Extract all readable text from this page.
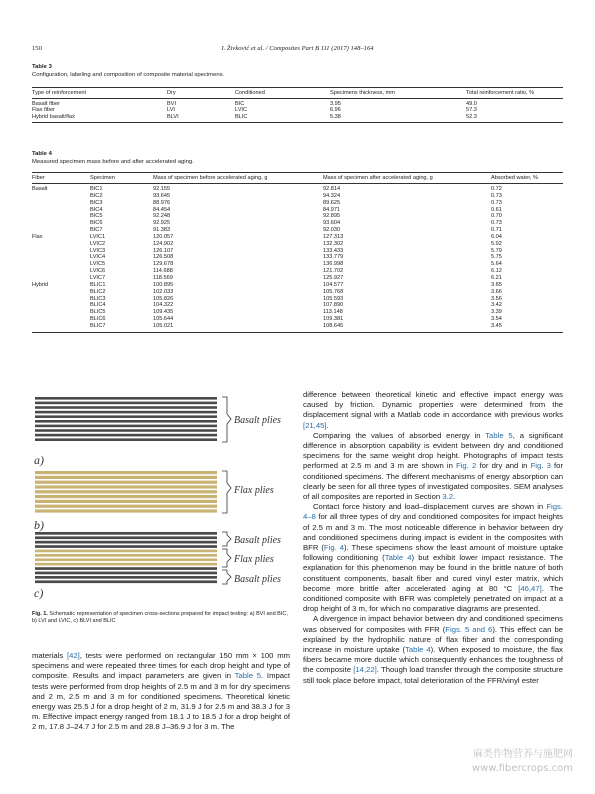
150	I. Živković et al. / Composites Part B 111 (2017) 148–164
Table 3
Configuration, labeling and composition of composite material specimens.
Type of reinforcement	Dry	Conditioned	Specimens thickness, mm	Total reinforcement ratio, %
Basalt fiber	BVI	BIC	3.95	49.0
Flax fiber	LVI	LVIC	6.96	57.3
Hybrid basalt/flax	BLVI	BLIC	5.38	52.3
Table 4
Measured specimen mass before and after accelerated aging.
Fiber	Specimen	Mass of specimen before accelerated aging, g	Mass of specimen after accelerated aging, g	Absorbed water, %
Basalt	BIC1	92.155	92.814	0.72
	BIC2	93.645	94.324	0.73
	BIC3	88.976	89.625	0.73
	BIC4	84.454	84.971	0.61
	BIC5	92.248	92.895	0.70
	BIC6	92.925	93.604	0.73
	BIC7	91.383	92.030	0.71
Flax	LVIC1	120.057	127.313	6.04
	LVIC2	124.902	132.302	5.92
	LVIC3	126.107	133.433	5.79
	LVIC4	126.508	133.779	5.75
	LVIC5	129.678	136.998	5.64
	LVIC6	114.688	121.702	6.12
	LVIC7	118.569	125.927	6.21
Hybrid	BLIC1	100.895	104.577	3.65
	BLIC2	102.033	105.768	3.66
	BLIC3	105.826	105.593	3.56
	BLIC4	104.322	107.890	3.42
	BLIC5	109.435	113.148	3.39
	BLIC6	105.644	109.381	3.54
	BLIC7	105.021	108.645	3.45
Basalt plies
a)
Flax plies
b)
Basalt plies
Flax plies
Basalt plies
c)
Fig. 1. Schematic representation of specimen cross-sections prepared for impact testing: a) BVI and BIC, b) LVI and LVIC, c) BLVI and BLIC

materials [42], tests were performed on rectangular 150 mm × 100 mm specimens and were repeated three times for each drop height and type of composite. Results and impact parameters are given in Table 5. Impact tests were performed from drop heights of 2.5 m and 3 m for dry specimens and 2 m, 2.5 m and 3 m for conditioned specimens. Theoretical kinetic energy was 25.5 J for a drop height of 2 m, 31.9 J for 2.5 m and 38.3 J for 3 m. Effective impact energy ranged from 18.1 J to 18.5 J for a drop height of 2 m, 17.8 J–24.7 J for 2.5 m and 28.8 J–36.9 J for 3 m. The

difference between theoretical kinetic and effective impact energy was caused by friction. Dynamic properties were determined from the displacement signal with a Matlab code in accordance with previous works [21,45].

Comparing the values of absorbed energy in Table 5, a significant difference in absorption capability is evident between dry and conditioned specimens for the same weight drop height. Photographs of impact tests performed at 2.5 m and 3 m are shown in Fig. 2 for dry and in Fig. 3 for conditioned specimens. The different mechanisms of energy absorption can clearly be seen for all three types of investigated composites. SEM analyses of all composites are reported in Section 3.2.

Contact force history and load–displacement curves are shown in Figs. 4–8 for all three types of dry and conditioned composites for impact heights of 2.5 m and 3 m. The most noticeable difference in behavior between dry and conditioned specimens during impact is evident in the composites with BFR (Fig. 4). These specimens show the least amount of moisture uptake following conditioning (Table 4) but exhibit lower impact resistance. The explanation for this phenomenon may be found in the brittle nature of both constituent components, basalt fiber and cured vinyl ester matrix, which become more brittle after accelerated aging at 80 °C [46,47]. The conditioned composite with BFR was completely penetrated on impact at a drop height of 3 m, for which no comparative diagrams are presented.

A divergence in impact behavior between dry and conditioned specimens was observed for composites with FFR (Figs. 5 and 6). This effect can be explained by the hydrophilic nature of flax fiber and the corresponding increase in moisture uptake (Table 4). When exposed to moisture, the flax fibers became more ductile which consequently enhances the toughness of the composite [14,22]. Though load transfer through the composite structure still took place before impact, total deterioration of the FFR/vinyl ester

麻类作物营养与施肥网
www.fibercrops.com
